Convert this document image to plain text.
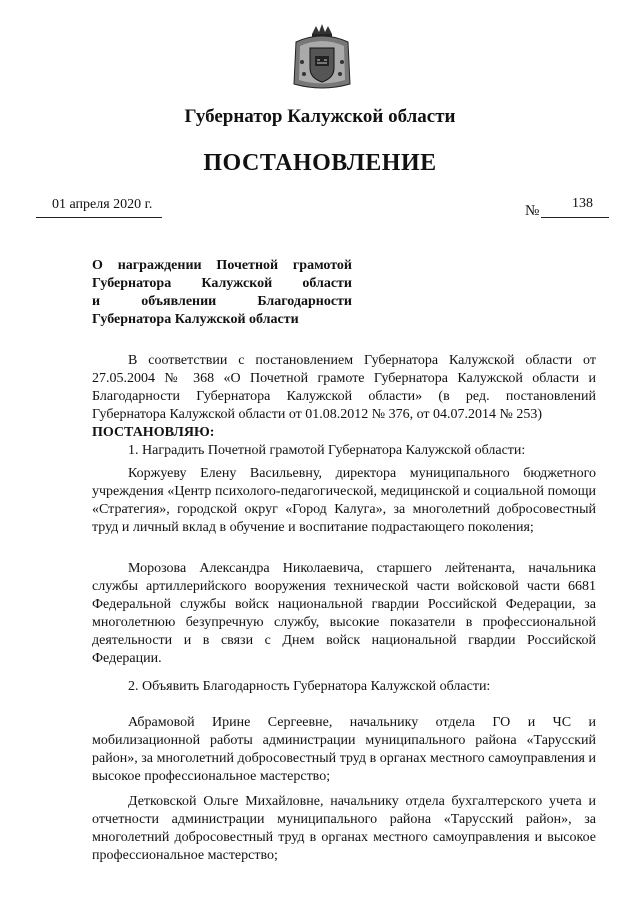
Губернатор Калужской области
ПОСТАНОВЛЕНИЕ
01 апреля 2020 г.	№ 138
О награждении Почетной грамотой
Губернатора Калужской области
и объявлении Благодарности
Губернатора Калужской области

В соответствии с постановлением Губернатора Калужской области от 27.05.2004 № 368 «О Почетной грамоте Губернатора Калужской области и Благодарности Губернатора Калужской области» (в ред. постановлений Губернатора Калужской области от 01.08.2012 № 376, от 04.07.2014 № 253)

ПОСТАНОВЛЯЮ:

1. Наградить Почетной грамотой Губернатора Калужской области:

Коржуеву Елену Васильевну, директора муниципального бюджетного учреждения «Центр психолого-педагогической, медицинской и социальной помощи «Стратегия», городской округ «Город Калуга», за многолетний добросовестный труд и личный вклад в обучение и воспитание подрастающего поколения;

Морозова Александра Николаевича, старшего лейтенанта, начальника службы артиллерийского вооружения технической части войсковой части 6681 Федеральной службы войск национальной гвардии Российской Федерации, за многолетнюю безупречную службу, высокие показатели в профессиональной деятельности и в связи с Днем войск национальной гвардии Российской Федерации.

2. Объявить Благодарность Губернатора Калужской области:

Абрамовой Ирине Сергеевне, начальнику отдела ГО и ЧС и мобилизационной работы администрации муниципального района «Тарусский район», за многолетний добросовестный труд в органах местного самоуправления и высокое профессиональное мастерство;

Детковской Ольге Михайловне, начальнику отдела бухгалтерского учета и отчетности администрации муниципального района «Тарусский район», за многолетний добросовестный труд в органах местного самоуправления и высокое профессиональное мастерство;
